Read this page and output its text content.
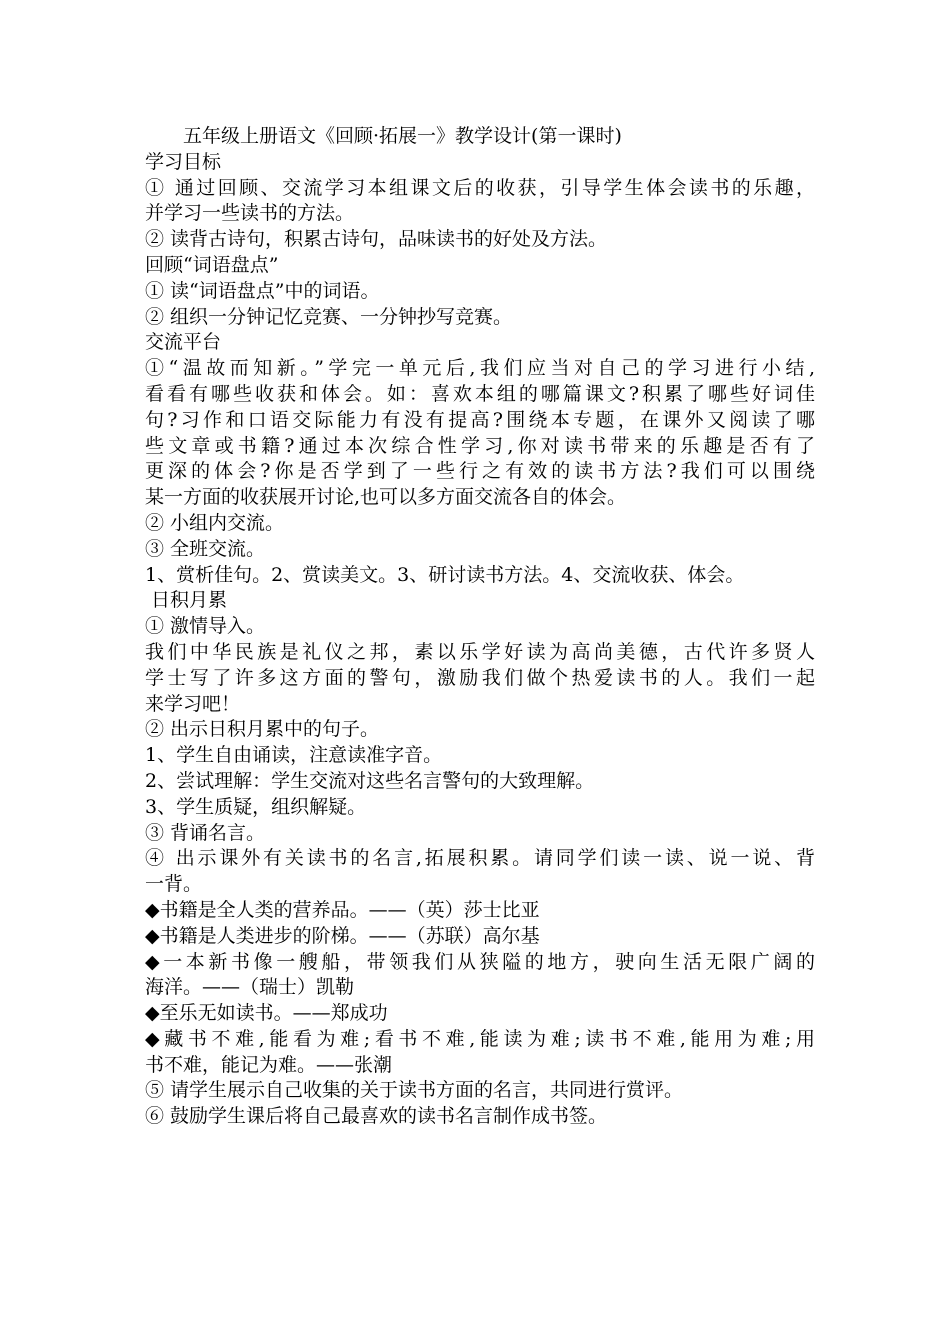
五年级上册语文《回顾·拓展一》教学设计(第一课时)
学习目标
① 通过回顾、交流学习本组课文后的收获，引导学生体会读书的乐趣，
并学习一些读书的方法。
② 读背古诗句，积累古诗句，品味读书的好处及方法。
回顾“词语盘点”
① 读“词语盘点”中的词语。
② 组织一分钟记忆竞赛、一分钟抄写竞赛。
交流平台
①“温故而知新。”学完一单元后,我们应当对自己的学习进行小结,
看看有哪些收获和体会。如：喜欢本组的哪篇课文?积累了哪些好词佳
句?习作和口语交际能力有没有提高?围绕本专题，在课外又阅读了哪
些文章或书籍?通过本次综合性学习,你对读书带来的乐趣是否有了
更深的体会?你是否学到了一些行之有效的读书方法?我们可以围绕
某一方面的收获展开讨论,也可以多方面交流各自的体会。
② 小组内交流。
③ 全班交流。
1、赏析佳句。2、赏读美文。3、研讨读书方法。4、交流收获、体会。
日积月累
① 激情导入。
我们中华民族是礼仪之邦，素以乐学好读为高尚美德，古代许多贤人
学士写了许多这方面的警句，激励我们做个热爱读书的人。我们一起
来学习吧！
② 出示日积月累中的句子。
1、学生自由诵读，注意读准字音。
2、尝试理解：学生交流对这些名言警句的大致理解。
3、学生质疑，组织解疑。
③ 背诵名言。
④ 出示课外有关读书的名言,拓展积累。请同学们读一读、说一说、背
一背。
◆书籍是全人类的营养品。——（英）莎士比亚
◆书籍是人类进步的阶梯。——（苏联）高尔基
◆一本新书像一艘船，带领我们从狭隘的地方，驶向生活无限广阔的
海洋。——（瑞士）凯勒
◆至乐无如读书。——郑成功
◆藏书不难,能看为难;看书不难,能读为难;读书不难,能用为难;用
书不难，能记为难。——张潮
⑤ 请学生展示自己收集的关于读书方面的名言，共同进行赏评。
⑥ 鼓励学生课后将自己最喜欢的读书名言制作成书签。
